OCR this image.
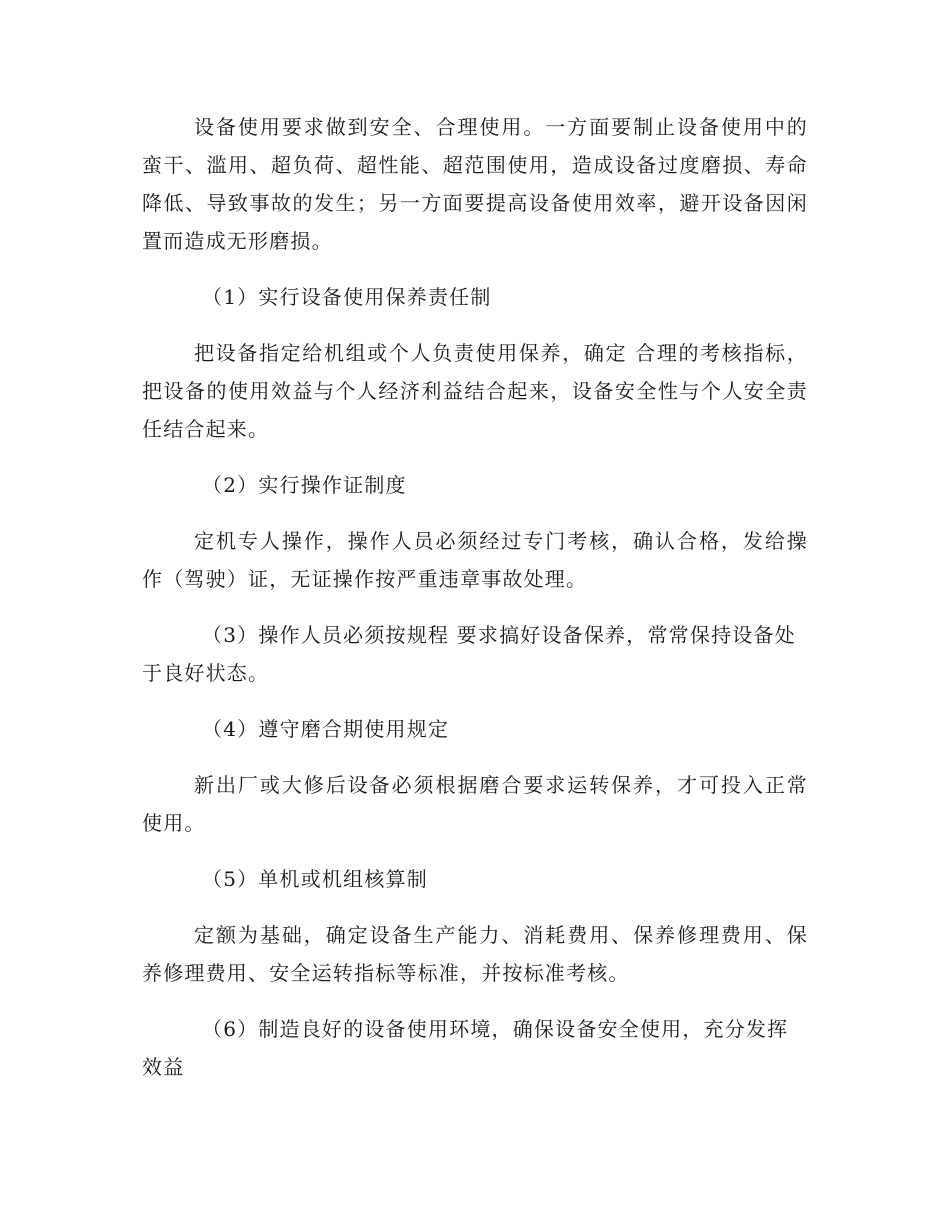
设备使用要求做到安全、合理使用。一方面要制止设备使用中的蛮干、滥用、超负荷、超性能、超范围使用，造成设备过度磨损、寿命降低、导致事故的发生；另一方面要提高设备使用效率，避开设备因闲置而造成无形磨损。

（1）实行设备使用保养责任制

把设备指定给机组或个人负责使用保养，确定 合理的考核指标，把设备的使用效益与个人经济利益结合起来，设备安全性与个人安全责任结合起来。

（2）实行操作证制度

定机专人操作，操作人员必须经过专门考核，确认合格，发给操作（驾驶）证，无证操作按严重违章事故处理。

（3）操作人员必须按规程 要求搞好设备保养，常常保持设备处于良好状态。

（4）遵守磨合期使用规定

新出厂或大修后设备必须根据磨合要求运转保养，才可投入正常使用。

（5）单机或机组核算制

定额为基础，确定设备生产能力、消耗费用、保养修理费用、保养修理费用、安全运转指标等标准，并按标准考核。

（6）制造良好的设备使用环境，确保设备安全使用，充分发挥效益
